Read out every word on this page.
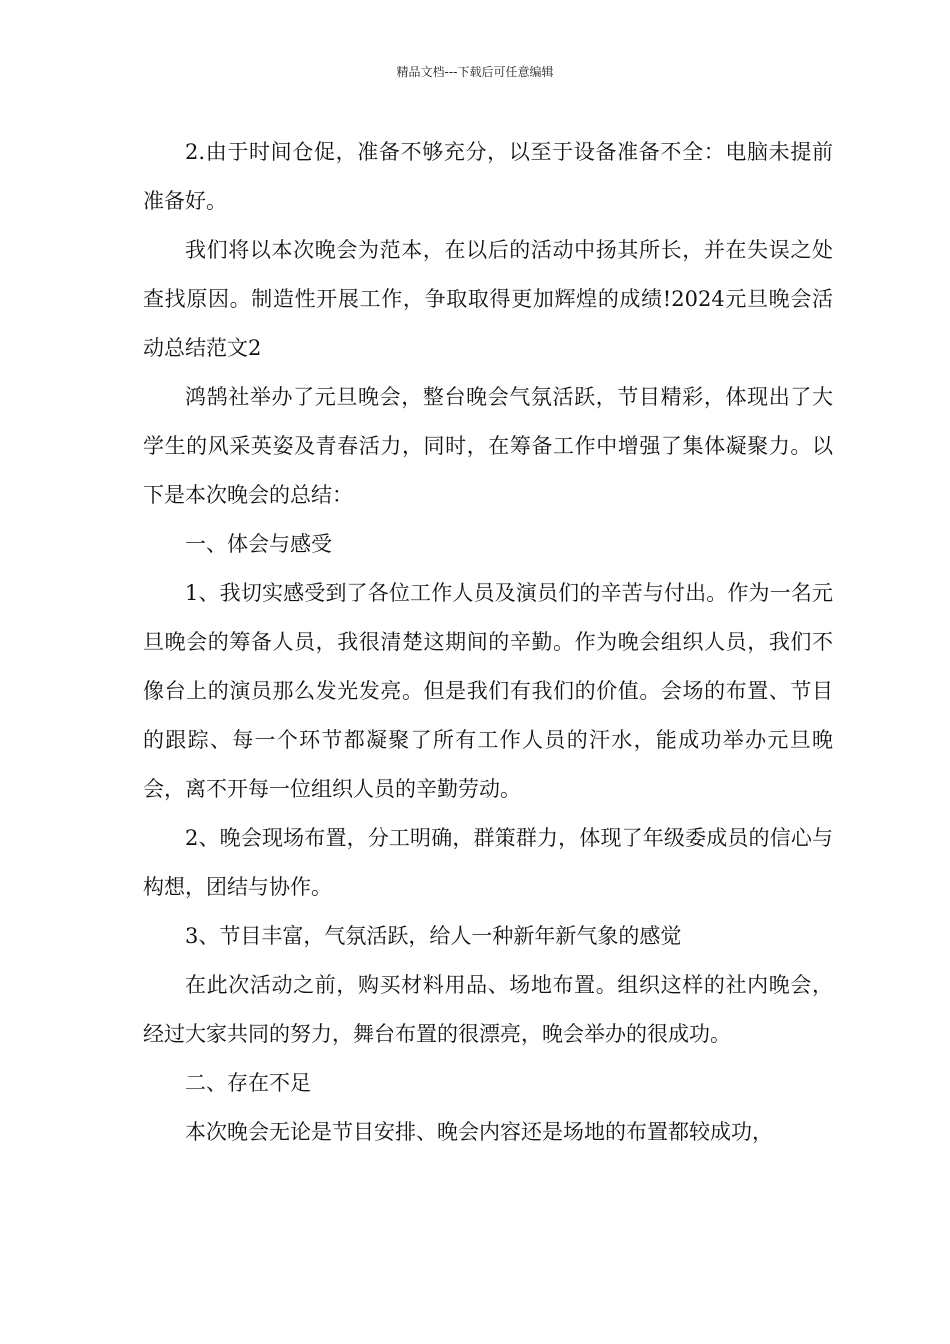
精品文档---下载后可任意编辑

2.由于时间仓促，准备不够充分，以至于设备准备不全：电脑未提前准备好。

我们将以本次晚会为范本，在以后的活动中扬其所长，并在失误之处查找原因。制造性开展工作，争取取得更加辉煌的成绩!2024元旦晚会活动总结范文2

鸿鹄社举办了元旦晚会，整台晚会气氛活跃，节目精彩，体现出了大学生的风采英姿及青春活力，同时，在筹备工作中增强了集体凝聚力。以下是本次晚会的总结：

一、体会与感受

1、我切实感受到了各位工作人员及演员们的辛苦与付出。作为一名元旦晚会的筹备人员，我很清楚这期间的辛勤。作为晚会组织人员，我们不像台上的演员那么发光发亮。但是我们有我们的价值。会场的布置、节目的跟踪、每一个环节都凝聚了所有工作人员的汗水，能成功举办元旦晚会，离不开每一位组织人员的辛勤劳动。

2、晚会现场布置，分工明确，群策群力，体现了年级委成员的信心与构想，团结与协作。

3、节目丰富，气氛活跃，给人一种新年新气象的感觉

在此次活动之前，购买材料用品、场地布置。组织这样的社内晚会，经过大家共同的努力，舞台布置的很漂亮，晚会举办的很成功。

二、存在不足

本次晚会无论是节目安排、晚会内容还是场地的布置都较成功，
